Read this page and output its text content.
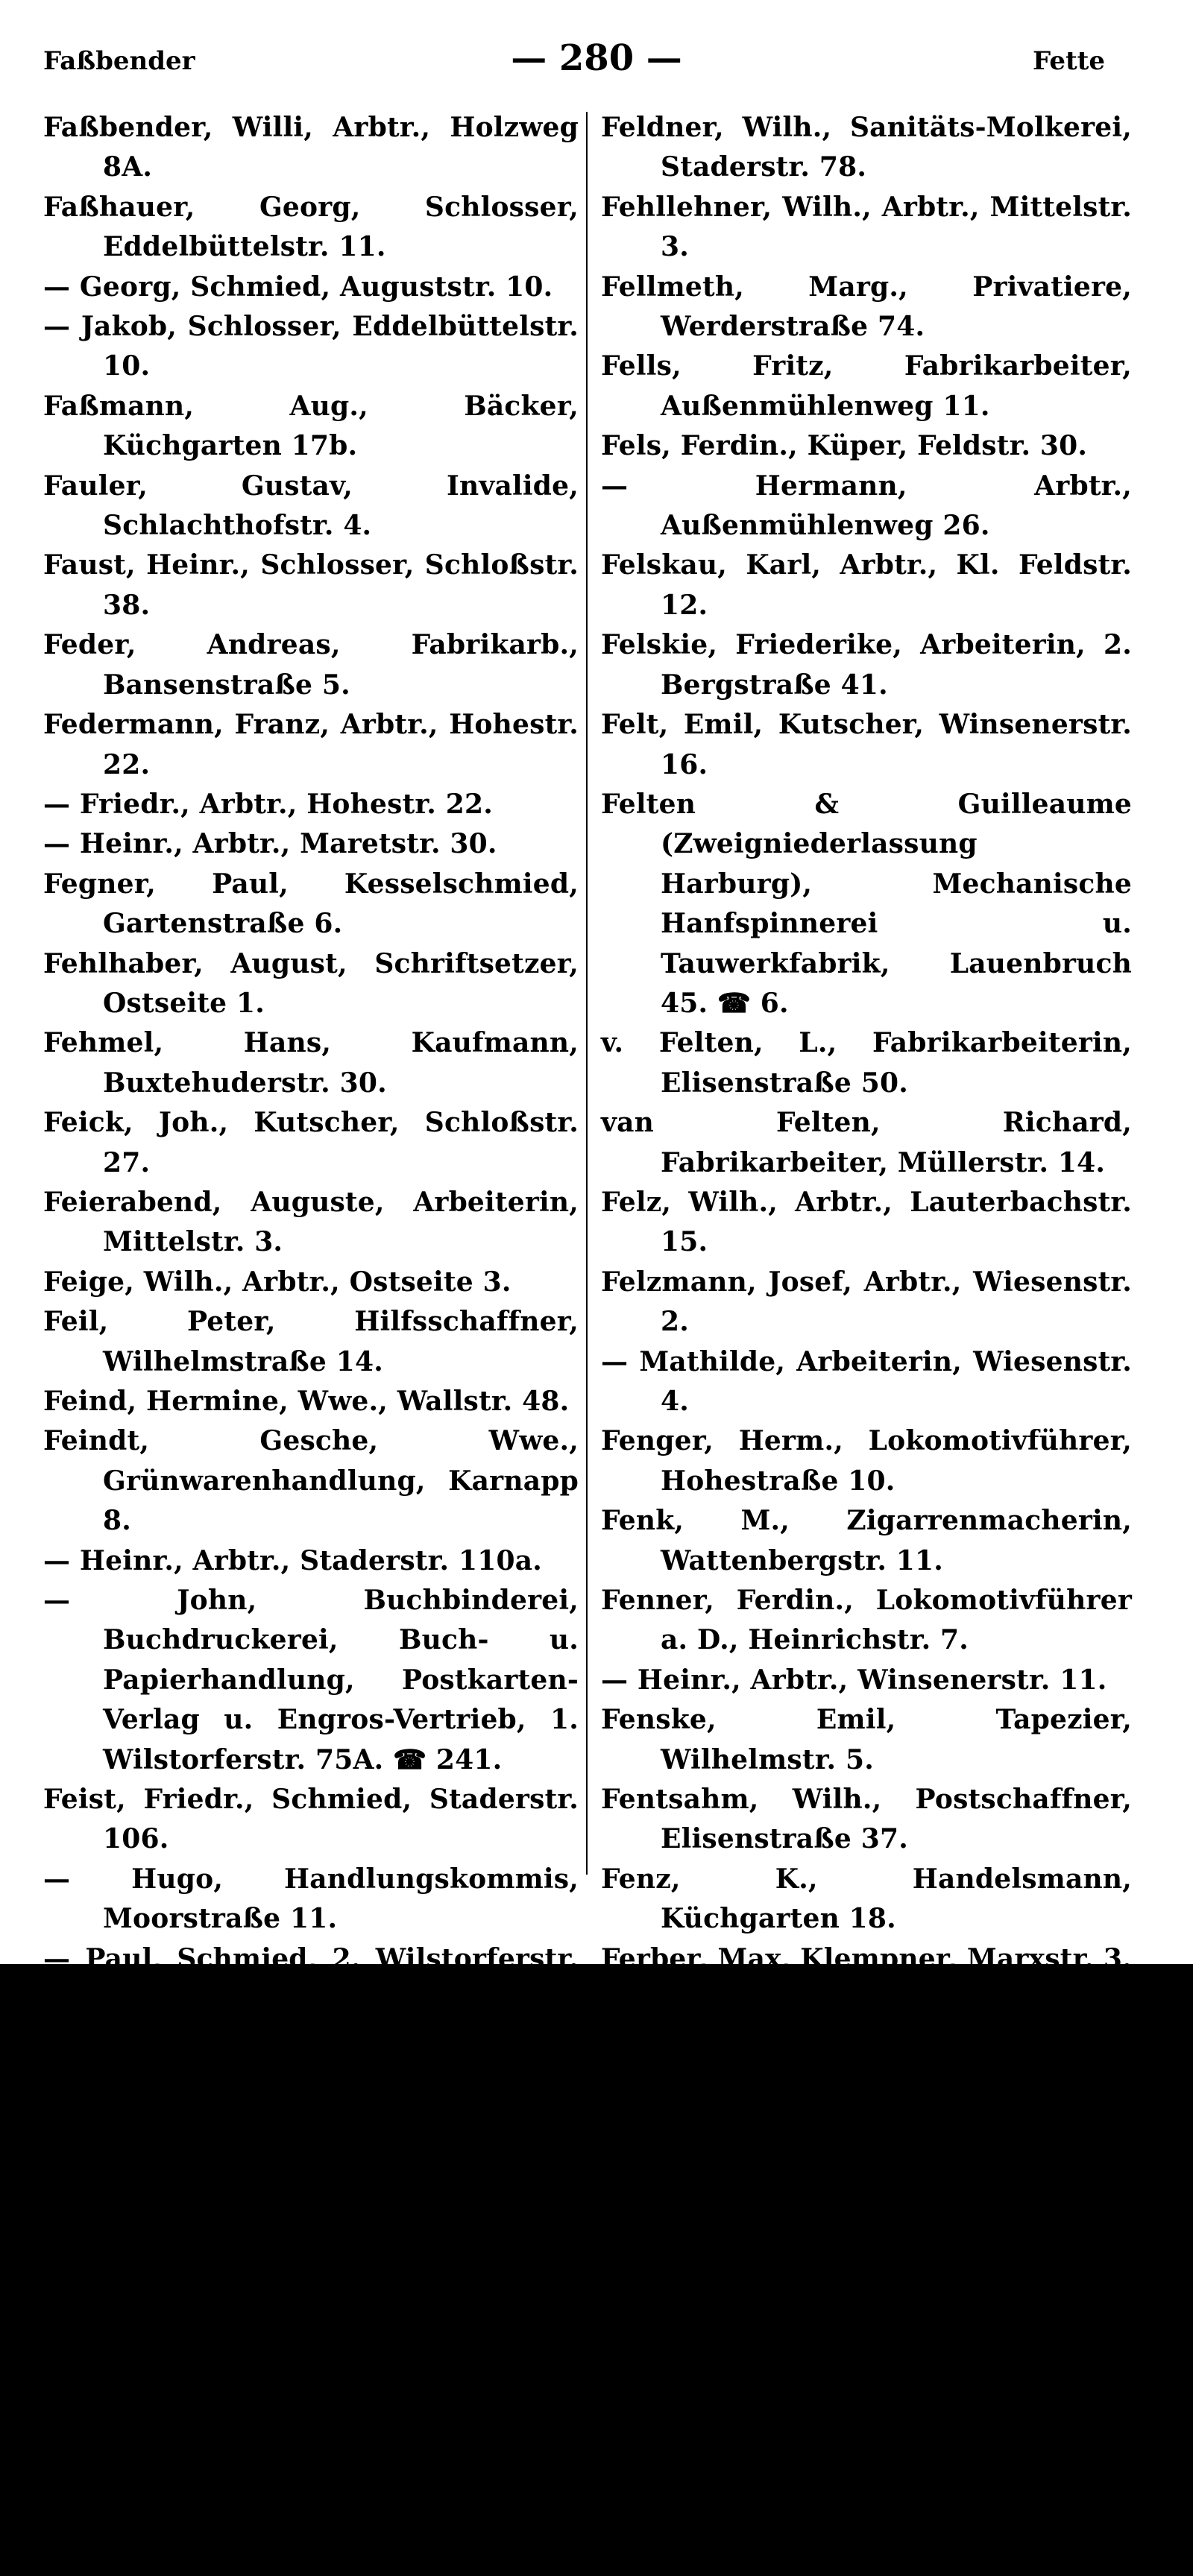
Faßbender	— 280 —	Fette

Faßbender, Willi, Arbtr., Holzweg 8A.

Faßhauer, Georg, Schlosser, Eddelbüttelstr. 11.

— Georg, Schmied, Auguststr. 10.

— Jakob, Schlosser, Eddelbüttelstr. 10.

Faßmann, Aug., Bäcker, Küchgarten 17b.

Fauler, Gustav, Invalide, Schlachthofstr. 4.

Faust, Heinr., Schlosser, Schloßstr. 38.

Feder, Andreas, Fabrikarb., Bansenstraße 5.

Federmann, Franz, Arbtr., Hohestr. 22.

— Friedr., Arbtr., Hohestr. 22.

— Heinr., Arbtr., Maretstr. 30.

Fegner, Paul, Kesselschmied, Gartenstraße 6.

Fehlhaber, August, Schriftsetzer, Ostseite 1.

Fehmel, Hans, Kaufmann, Buxtehuderstr. 30.

Feick, Joh., Kutscher, Schloßstr. 27.

Feierabend, Auguste, Arbeiterin, Mittelstr. 3.

Feige, Wilh., Arbtr., Ostseite 3.

Feil, Peter, Hilfsschaffner, Wilhelmstraße 14.

Feind, Hermine, Wwe., Wallstr. 48.

Feindt, Gesche, Wwe., Grünwarenhandlung, Karnapp 8.

— Heinr., Arbtr., Staderstr. 110a.

— John, Buchbinderei, Buchdruckerei, Buch- u. Papierhandlung, Postkarten-Verlag u. Engros-Vertrieb, 1. Wilstorferstr. 75A. ☎ 241.

Feist, Friedr., Schmied, Staderstr. 106.

— Hugo, Handlungskommis, Moorstraße 11.

— Paul, Schmied, 2. Wilstorferstr. 14.

Feistel, Heinr., Arbtr., Schmidtstr. 11.

zum Felde, Therese, Wwe., Eddelbüttelstraße 29.

Feldmann, Diedrich, Fabrikarbeiter, Haakestr. 88.

— Georg, Arbtr., Moorburgerstr. 42.

— Jakob, Schuhmachermstr., Turnerstraße 7.

— Rich., Tischler, Albersstr. 16a.

Feldner, W., Landwirt, Staderstr. 115.

Feldner, Wilh., Sanitäts-Molkerei, Staderstr. 78.

Fehllehner, Wilh., Arbtr., Mittelstr. 3.

Fellmeth, Marg., Privatiere, Werderstraße 74.

Fells, Fritz, Fabrikarbeiter, Außenmühlenweg 11.

Fels, Ferdin., Küper, Feldstr. 30.

— Hermann, Arbtr., Außenmühlenweg 26.

Felskau, Karl, Arbtr., Kl. Feldstr. 12.

Felskie, Friederike, Arbeiterin, 2. Bergstraße 41.

Felt, Emil, Kutscher, Winsenerstr. 16.

Felten & Guilleaume (Zweigniederlassung Harburg), Mechanische Hanfspinnerei u. Tauwerkfabrik, Lauenbruch 45. ☎ 6.

v. Felten, L., Fabrikarbeiterin, Elisenstraße 50.

van Felten, Richard, Fabrikarbeiter, Müllerstr. 14.

Felz, Wilh., Arbtr., Lauterbachstr. 15.

Felzmann, Josef, Arbtr., Wiesenstr. 2.

— Mathilde, Arbeiterin, Wiesenstr. 4.

Fenger, Herm., Lokomotivführer, Hohestraße 10.

Fenk, M., Zigarrenmacherin, Wattenbergstr. 11.

Fenner, Ferdin., Lokomotivführer a. D., Heinrichstr. 7.

— Heinr., Arbtr., Winsenerstr. 11.

Fenske, Emil, Tapezier, Wilhelmstr. 5.

Fentsahm, Wilh., Postschaffner, Elisenstraße 37.

Fenz, K., Handelsmann, Küchgarten 18.

Ferber, Max, Klempner, Marxstr. 3.

Ferrara, Luigi, Arbtr., Schmidtstr. 5.

Fertig, Auguste, Wwe., Winsenerstr. 50.

— Herm., Arbtr., Winsenerstr. 50.

— Wilh., Arbtr., Winsenerstr. 50.

Fesel, Ferdinandine, Wwe., Geradestraße 11.

— Wilh., Badewärter, Marxstr. 15.

Festersen, Karl, Maschinenschlosser, Grubestr. 23.

Fett, Karl, Arbtr., Rudolfstr. 1.

Fette, Franz, Kaufmann, Heinrichstr. 8.
